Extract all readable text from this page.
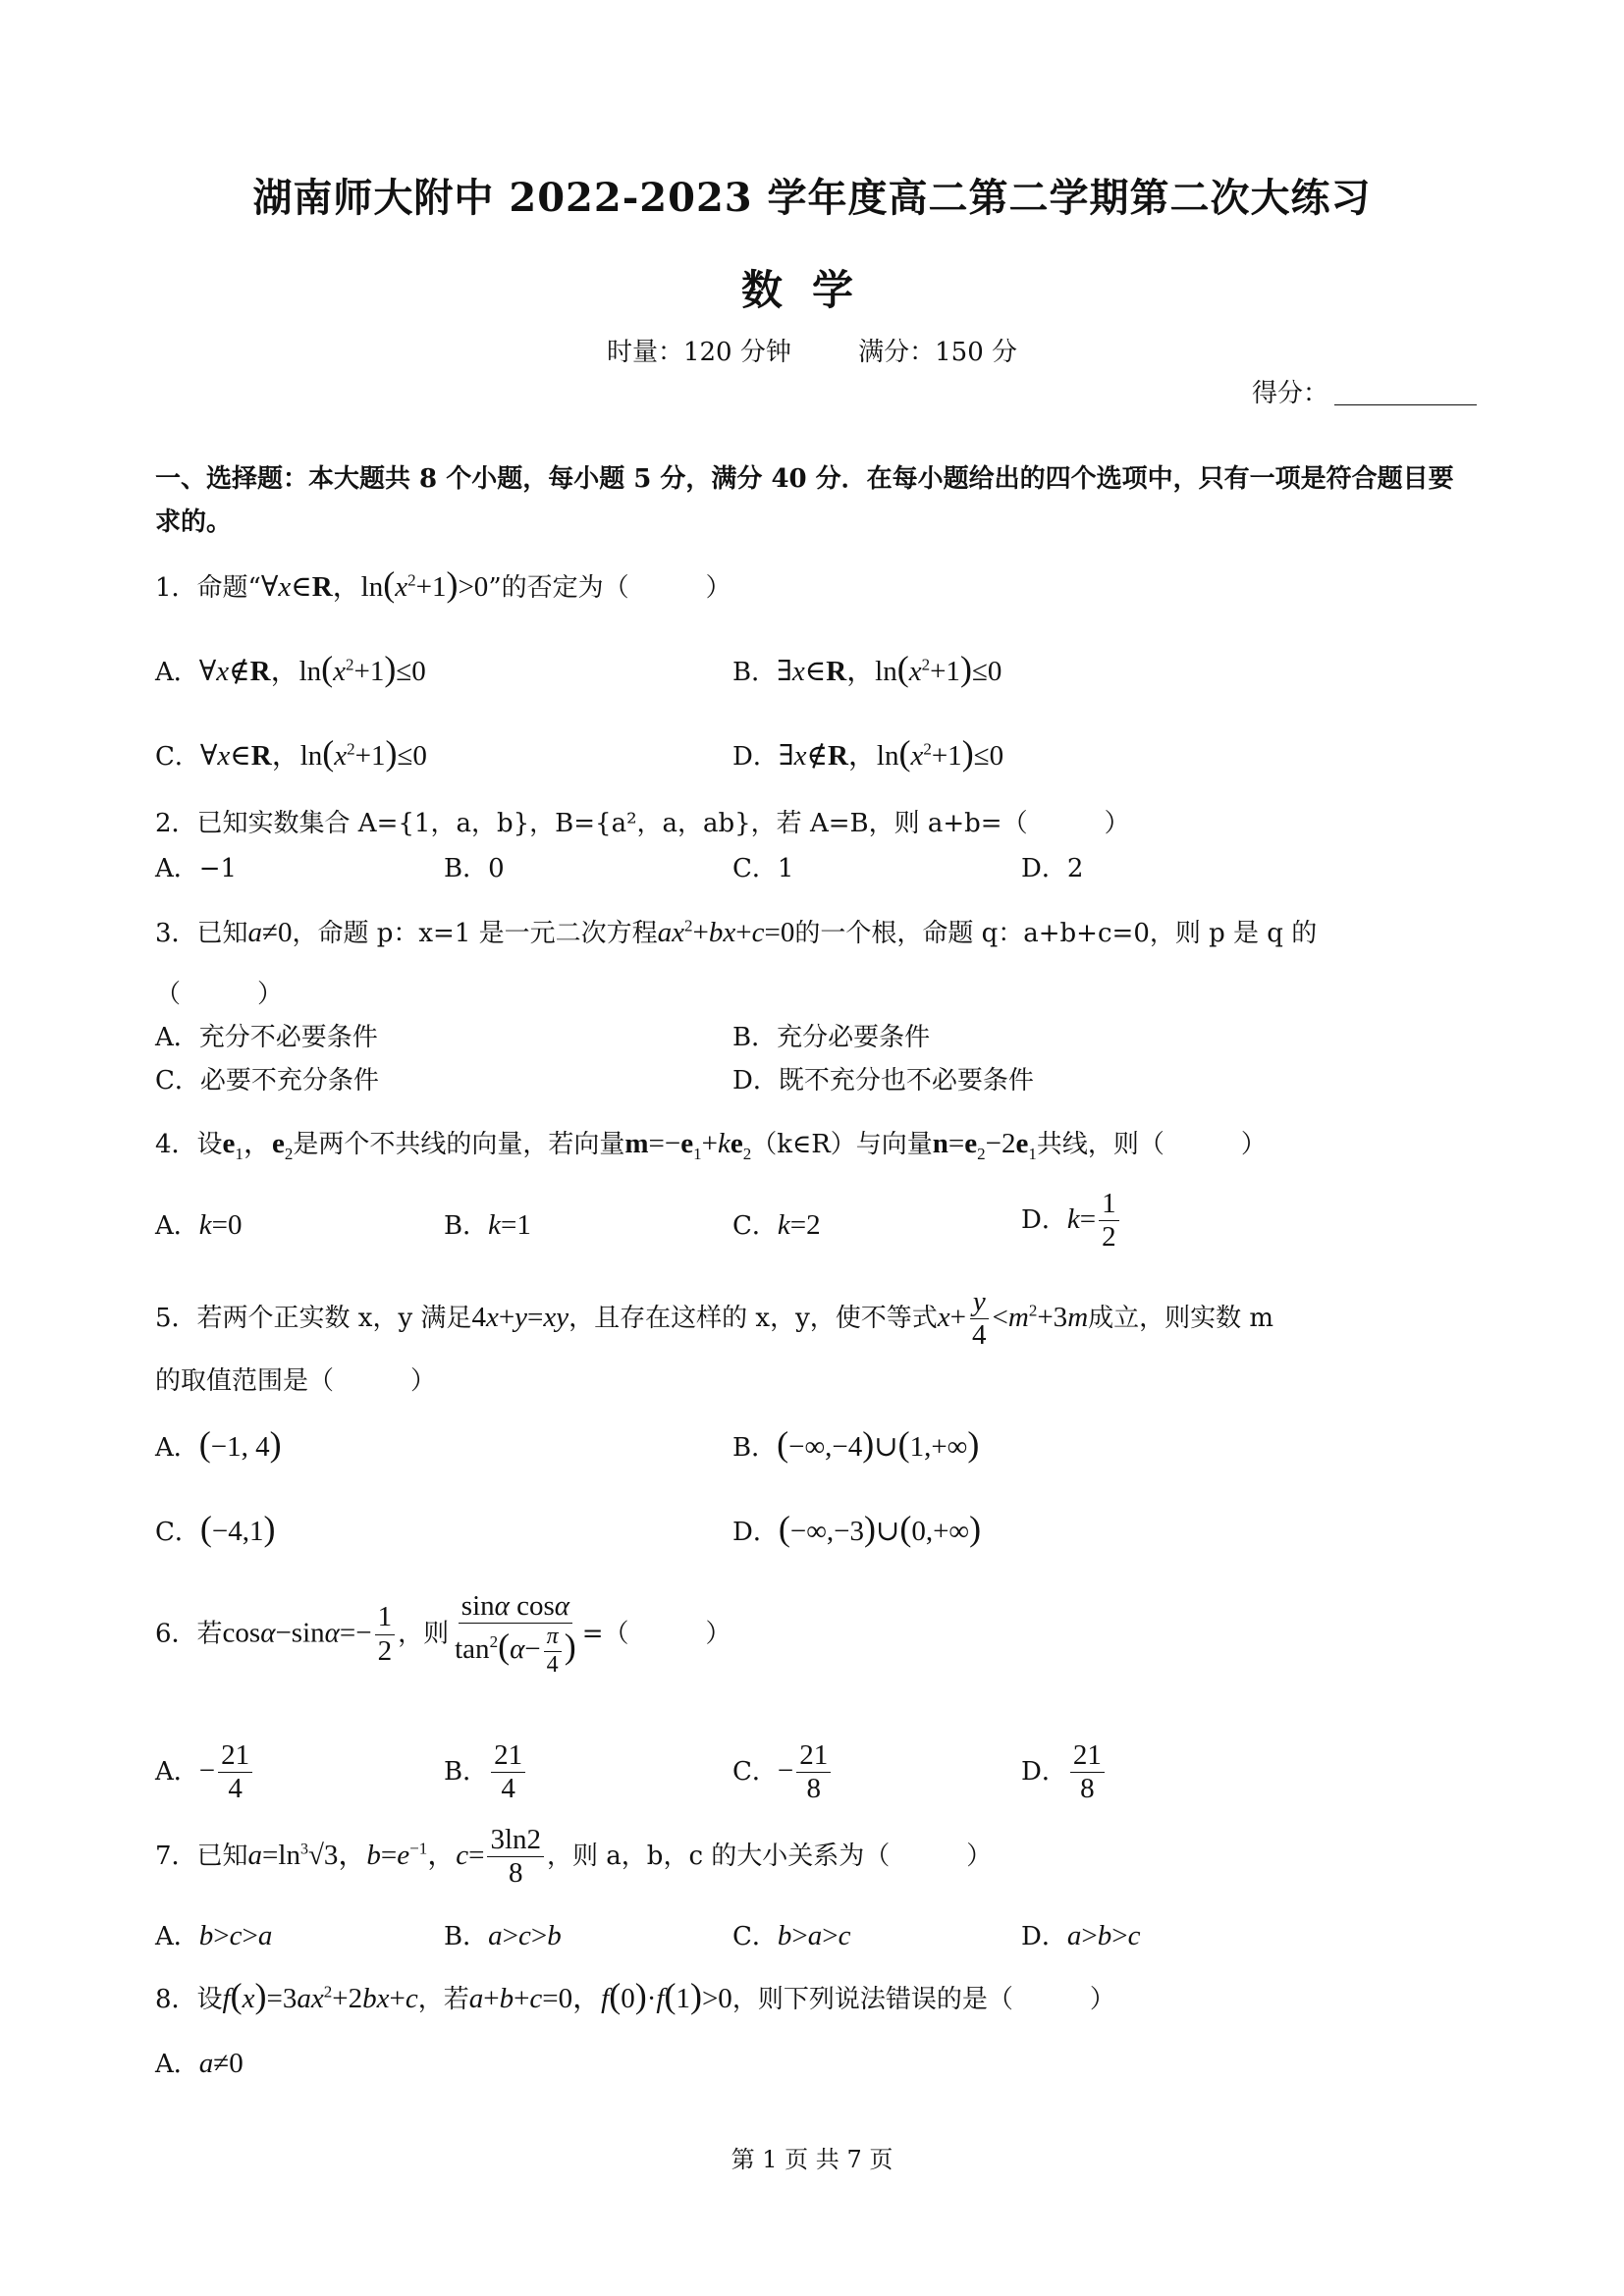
湖南师大附中 2022-2023 学年度高二第二学期第二次大练习
数学
时量：120 分钟	满分：150 分
得分：
一、选择题：本大题共 8 个小题，每小题 5 分，满分 40 分．在每小题给出的四个选项中，只有一项是符合题目要求的。
1．命题“∀x∈R，$\ln(x^2+1)>0$”的否定为（　　　）
A．∀x∉R，$\ln(x^2+1)\le 0$	B．∃x∈R，$\ln(x^2+1)\le 0$
C．∀x∈R，$\ln(x^2+1)\le 0$	D．∃x∉R，$\ln(x^2+1)\le 0$
2．已知实数集合 A={1，a，b}，B={a²，a，ab}，若 A=B，则 a+b=（　　　）
A．−1	B．0	C．1	D．2
3．已知a≠0，命题 p：x=1 是一元二次方程$ax^2+bx+c=0$的一个根，命题 q：a+b+c=0，则 p 是 q 的
（　　　）
A．充分不必要条件	B．充分必要条件
C．必要不充分条件	D．既不充分也不必要条件
4．设$e_1$，$e_2$是两个不共线的向量，若向量$m=-e_1+ke_2(k\in R)$与向量$n=e_2-2e_1$共线，则（　　　）
A．k=0	B．k=1	C．k=2	D．$k= \frac{1}{2}$
5．若两个正实数 x，y 满足4x+y=xy，且存在这样的 x，y，使不等式$x+ \frac{y}{4} <m^2+3m$成立，则实数 m
的取值范围是（　　　）
A．(−1, 4)	B．(−∞,−4)∪(1,+∞)
C．(−4,1)	D．(−∞,−3)∪(0,+∞)
6．若$\cos\alpha-\sin\alpha=- \frac{1}{2}$ ，则 $\frac{\text{sinα cosα}}{\tan^2(\alpha- \frac{\pi}{4} )}$ =（　　　）
A．− $\frac{21}{4}$	B． $\frac{21}{4}$	C．− $\frac{21}{8}$	D． $\frac{21}{8}$
7．已知$a=\ln^3√3$，$b=e^{-1}$，$c= \frac{3\ln 2}{8}$ ，则 a，b，c 的大小关系为（　　　）
A．b>c>a	B．a>c>b	C．b>a>c	D．a>b>c
8．设$f(x)=3ax^2+2bx+c$，若a+b+c=0，f(0)·f(1)>0，则下列说法错误的是（　　　）
A．a≠0
第 1 页 共 7 页
